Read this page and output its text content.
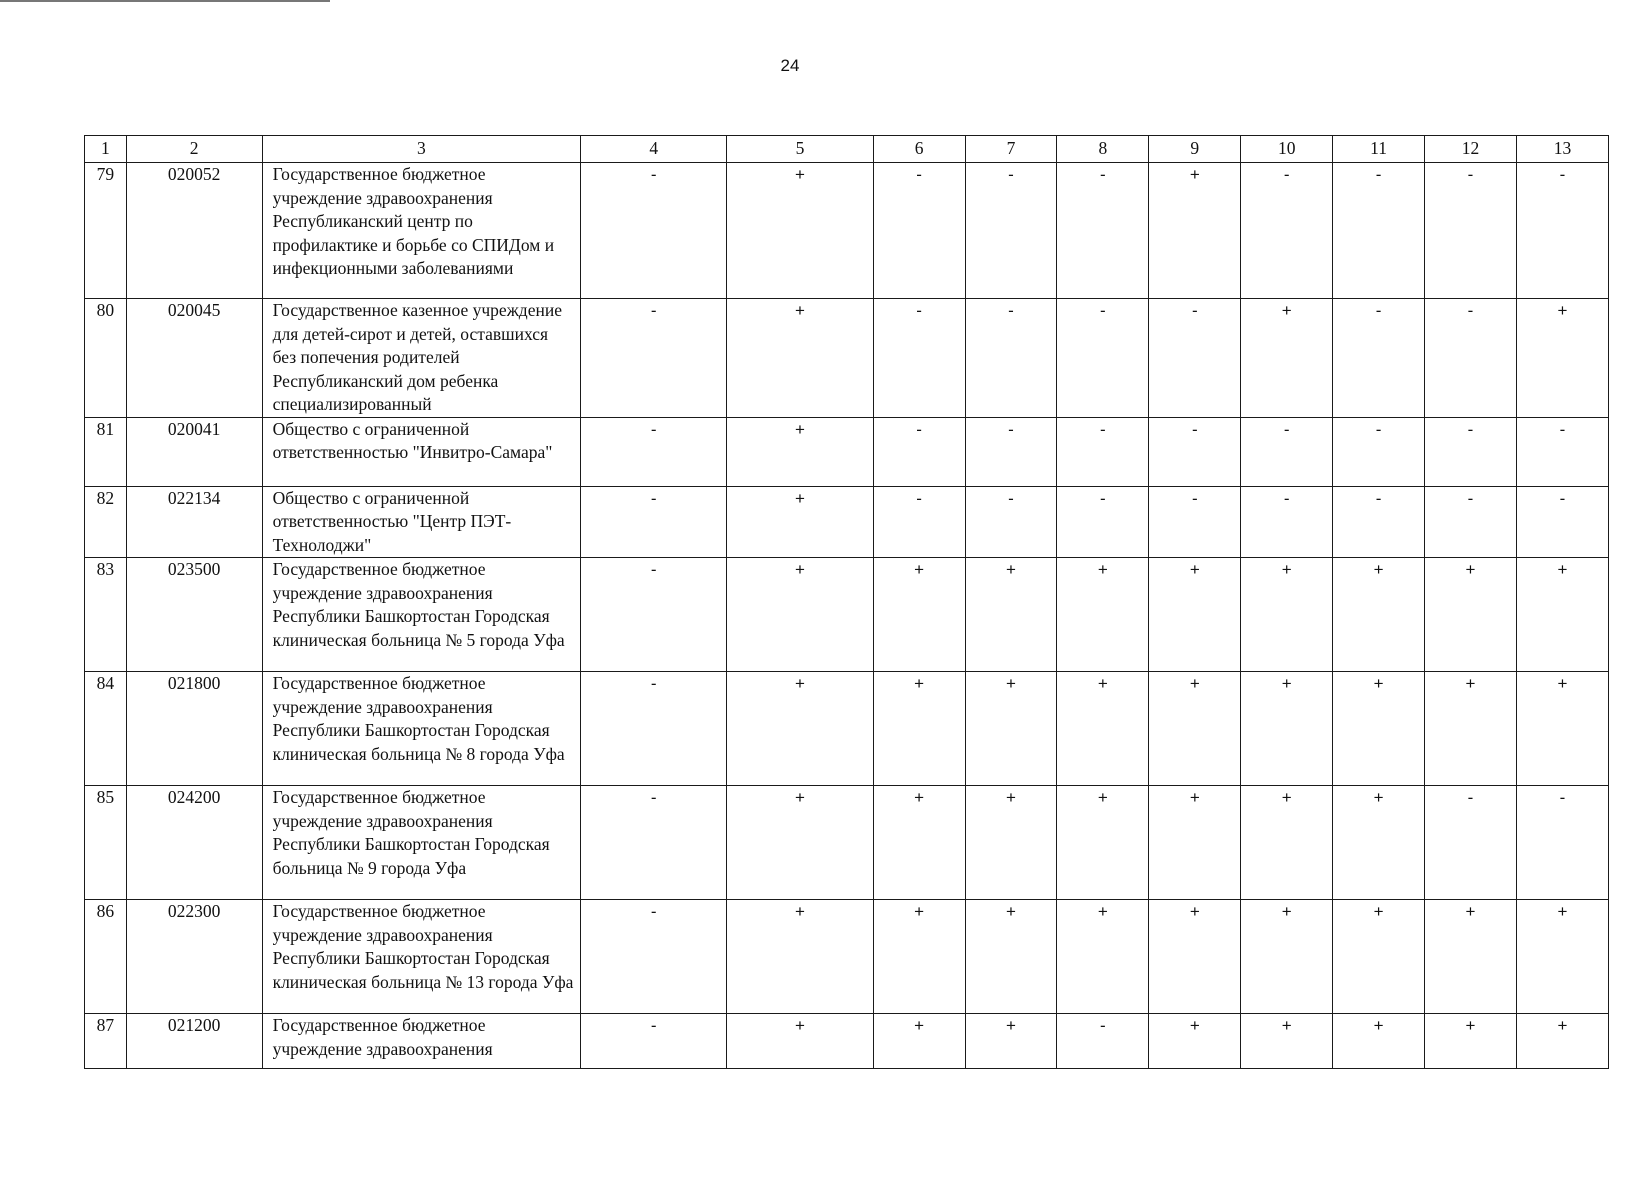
24
1	2	3	4	5	6	7	8	9	10	11	12	13
79	020052	Государственное бюджетное учреждение здравоохранения Республиканский центр по профилактике и борьбе со СПИДом и инфекционными заболеваниями	-	+	-	-	-	+	-	-	-	-
80	020045	Государственное казенное учреждение для детей-сирот и детей, оставшихся без попечения родителей Республиканский дом ребенка специализированный	-	+	-	-	-	-	+	-	-	+
81	020041	Общество с ограниченной ответственностью "Инвитро-Самара"	-	+	-	-	-	-	-	-	-	-
82	022134	Общество с ограниченной ответственностью "Центр ПЭТ-Технолоджи"	-	+	-	-	-	-	-	-	-	-
83	023500	Государственное бюджетное учреждение здравоохранения Республики Башкортостан Городская клиническая больница № 5 города Уфа	-	+	+	+	+	+	+	+	+	+
84	021800	Государственное бюджетное учреждение здравоохранения Республики Башкортостан Городская клиническая больница № 8 города Уфа	-	+	+	+	+	+	+	+	+	+
85	024200	Государственное бюджетное учреждение здравоохранения Республики Башкортостан Городская больница № 9 города Уфа	-	+	+	+	+	+	+	+	-	-
86	022300	Государственное бюджетное учреждение здравоохранения Республики Башкортостан Городская клиническая больница № 13 города Уфа	-	+	+	+	+	+	+	+	+	+
87	021200	Государственное бюджетное учреждение здравоохранения	-	+	+	+	-	+	+	+	+	+
